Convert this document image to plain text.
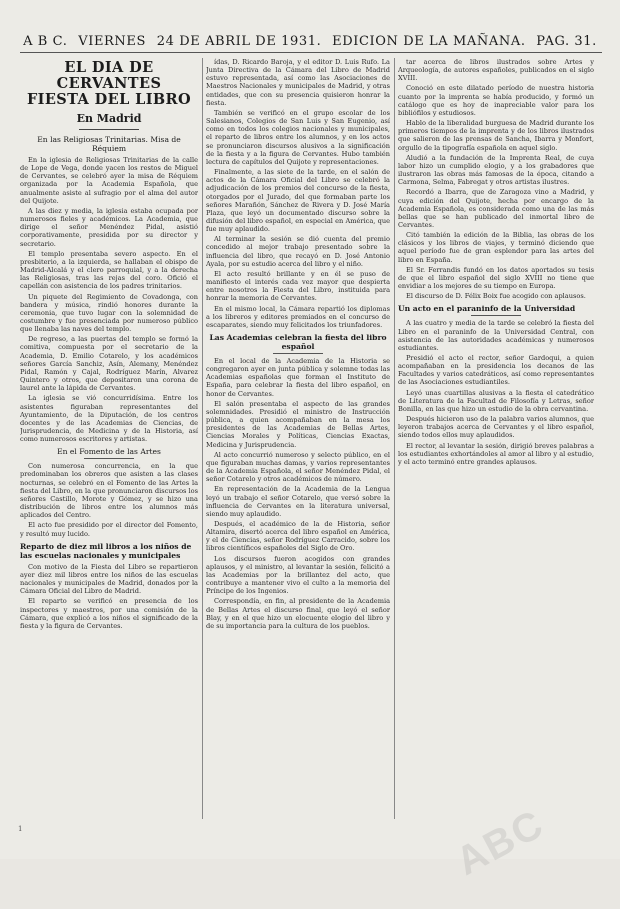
A B C. VIERNES 24 DE ABRIL DE 1931. EDICION DE LA MAÑANA. PAG. 31.
EL DIA DE CERVANTES
FIESTA DEL LIBRO
En Madrid
En las Religiosas Trinitarias. Misa de Réquiem

En la iglesia de Religiosas Trinitarias de la calle de Lope de Vega, donde yacen los restos de Miguel de Cervantes, se celebró ayer la misa de Réquiem organizada por la Academia Española, que anualmente asiste al sufragio por el alma del autor del Quijote.

A las diez y media, la iglesia estaba ocupada por numerosos fieles y académicos. La Academia, que dirige el señor Menéndez Pidal, asistió corporativamente, presidida por su director y secretario.

El templo presentaba severo aspecto. En el presbiterio, a la izquierda, se hallaban el obispo de Madrid-Alcalá y el clero parroquial, y a la derecha las Religiosas, tras las rejas del coro. Ofició el capellán con asistencia de los padres trinitarios.

Un piquete del Regimiento de Covadonga, con bandera y música, rindió honores durante la ceremonia, que tuvo lugar con la solemnidad de costumbre y fue presenciada por numeroso público que llenaba las naves del templo.

De regreso, a las puertas del templo se formó la comitiva, compuesta por el secretario de la Academia, D. Emilio Cotarelo, y los académicos señores García Sanchiz, Asín, Alemany, Menéndez Pidal, Ramón y Cajal, Rodríguez Marín, Alvarez Quintero y otros, que depositaron una corona de laurel ante la lápida de Cervantes.

La iglesia se vió concurridísima. Entre los asistentes figuraban representantes del Ayuntamiento, de la Diputación, de los centros docentes y de las Academias de Ciencias, de Jurisprudencia, de Medicina y de la Historia, así como numerosos escritores y artistas.

En el Fomento de las Artes

Con numerosa concurrencia, en la que predominaban los obreros que asisten a las clases nocturnas, se celebró en el Fomento de las Artes la fiesta del Libro, en la que pronunciaron discursos los señores Castillo, Morote y Gómez, y se hizo una distribución de libros entre los alumnos más aplicados del Centro.

El acto fue presidido por el director del Fomento, y resultó muy lucido.

Reparto de diez mil libros a los niños de las escuelas nacionales y municipales

Con motivo de la Fiesta del Libro se repartieron ayer diez mil libros entre los niños de las escuelas nacionales y municipales de Madrid, donados por la Cámara Oficial del Libro de Madrid.

El reparto se verificó en presencia de los inspectores y maestros, por una comisión de la Cámara, que explicó a los niños el significado de la fiesta y la figura de Cervantes.

ídas, D. Ricardo Baroja, y el editor D. Luis Rufo. La Junta Directiva de la Cámara del Libro de Madrid estuvo representada, así como las Asociaciones de Maestros Nacionales y municipales de Madrid, y otras entidades, que con su presencia quisieron honrar la fiesta.

También se verificó en el grupo escolar de los Salesianos, Colegios de San Luis y San Eugenio, así como en todos los colegios nacionales y municipales, el reparto de libros entre los alumnos, y en los actos se pronunciaron discursos alusivos a la significación de la fiesta y a la figura de Cervantes. Hubo también lectura de capítulos del Quijote y representaciones.

Finalmente, a las siete de la tarde, en el salón de actos de la Cámara Oficial del Libro se celebró la adjudicación de los premios del concurso de la fiesta, otorgados por el Jurado, del que formaban parte los señores Marañón, Sánchez de Rivera y D. José María Plaza, que leyó un documentado discurso sobre la difusión del libro español, en especial en América, que fue muy aplaudido.

Al terminar la sesión se dió cuenta del premio concedido al mejor trabajo presentado sobre la influencia del libro, que recayó en D. José Antonio Ayala, por su estudio acerca del libro y el niño.

El acto resultó brillante y en él se puso de manifiesto el interés cada vez mayor que despierta entre nosotros la Fiesta del Libro, instituida para honrar la memoria de Cervantes.

En el mismo local, la Cámara repartió los diplomas a los libreros y editores premiados en el concurso de escaparates, siendo muy felicitados los triunfadores.

Las Academias celebran la fiesta del libro español

En el local de la Academia de la Historia se congregaron ayer en junta pública y solemne todas las Academias españolas que forman el Instituto de España, para celebrar la fiesta del libro español, en honor de Cervantes.

El salón presentaba el aspecto de las grandes solemnidades. Presidió el ministro de Instrucción pública, a quien acompañaban en la mesa los presidentes de las Academias de Bellas Artes, Ciencias Morales y Políticas, Ciencias Exactas, Medicina y Jurisprudencia.

Al acto concurrió numeroso y selecto público, en el que figuraban muchas damas, y varios representantes de la Academia Española, el señor Menéndez Pidal, el señor Cotarelo y otros académicos de número.

En representación de la Academia de la Lengua leyó un trabajo el señor Cotarelo, que versó sobre la influencia de Cervantes en la literatura universal, siendo muy aplaudido.

Después, el académico de la de Historia, señor Altamira, disertó acerca del libro español en América, y el de Ciencias, señor Rodríguez Carracido, sobre los libros científicos españoles del Siglo de Oro.

Los discursos fueron acogidos con grandes aplausos, y el ministro, al levantar la sesión, felicitó a las Academias por la brillantez del acto, que contribuye a mantener vivo el culto a la memoria del Príncipe de los Ingenios.

Correspondía, en fin, al presidente de la Academia de Bellas Artes el discurso final, que leyó el señor Blay, y en el que hizo un elocuente elogio del libro y de su importancia para la cultura de los pueblos.

tar acerca de libros ilustrados sobre Artes y Arqueología, de autores españoles, publicados en el siglo XVIII.

Conoció en este dilatado período de nuestra historia cuanto por la imprenta se había producido, y formó un catálogo que es hoy de inapreciable valor para los bibliófilos y estudiosos.

Hablo de la liberalidad burguesa de Madrid durante los primeros tiempos de la imprenta y de los libros ilustrados que salieron de las prensas de Sancha, Ibarra y Monfort, orgullo de la tipografía española en aquel siglo.

Aludió a la fundación de la Imprenta Real, de cuya labor hizo un cumplido elogio, y a los grabadores que ilustraron las obras más famosas de la época, citando a Carmona, Selma, Fabregat y otros artistas ilustres.

Recordó a Ibarra, que de Zaragoza vino a Madrid, y cuya edición del Quijote, hecha por encargo de la Academia Española, es considerada como una de las más bellas que se han publicado del inmortal libro de Cervantes.

Citó también la edición de la Biblia, las obras de los clásicos y los libros de viajes, y terminó diciendo que aquel período fue de gran esplendor para las artes del libro en España.

El Sr. Ferrandis fundó en los datos aportados su tesis de que el libro español del siglo XVIII no tiene que envidiar a los mejores de su tiempo en Europa.

El discurso de D. Félix Boix fue acogido con aplausos.

Un acto en el paraninfo de la Universidad

A las cuatro y media de la tarde se celebró la fiesta del Libro en el paraninfo de la Universidad Central, con asistencia de las autoridades académicas y numerosos estudiantes.

Presidió el acto el rector, señor Gardoqui, a quien acompañaban en la presidencia los decanos de las Facultades y varios catedráticos, así como representantes de las Asociaciones estudiantiles.

Leyó unas cuartillas alusivas a la fiesta el catedrático de Literatura de la Facultad de Filosofía y Letras, señor Bonilla, en las que hizo un estudio de la obra cervantina.

Después hicieron uso de la palabra varios alumnos, que leyeron trabajos acerca de Cervantes y el libro español, siendo todos ellos muy aplaudidos.

El rector, al levantar la sesión, dirigió breves palabras a los estudiantes exhortándoles al amor al libro y al estudio, y el acto terminó entre grandes aplausos.

1	ABC
